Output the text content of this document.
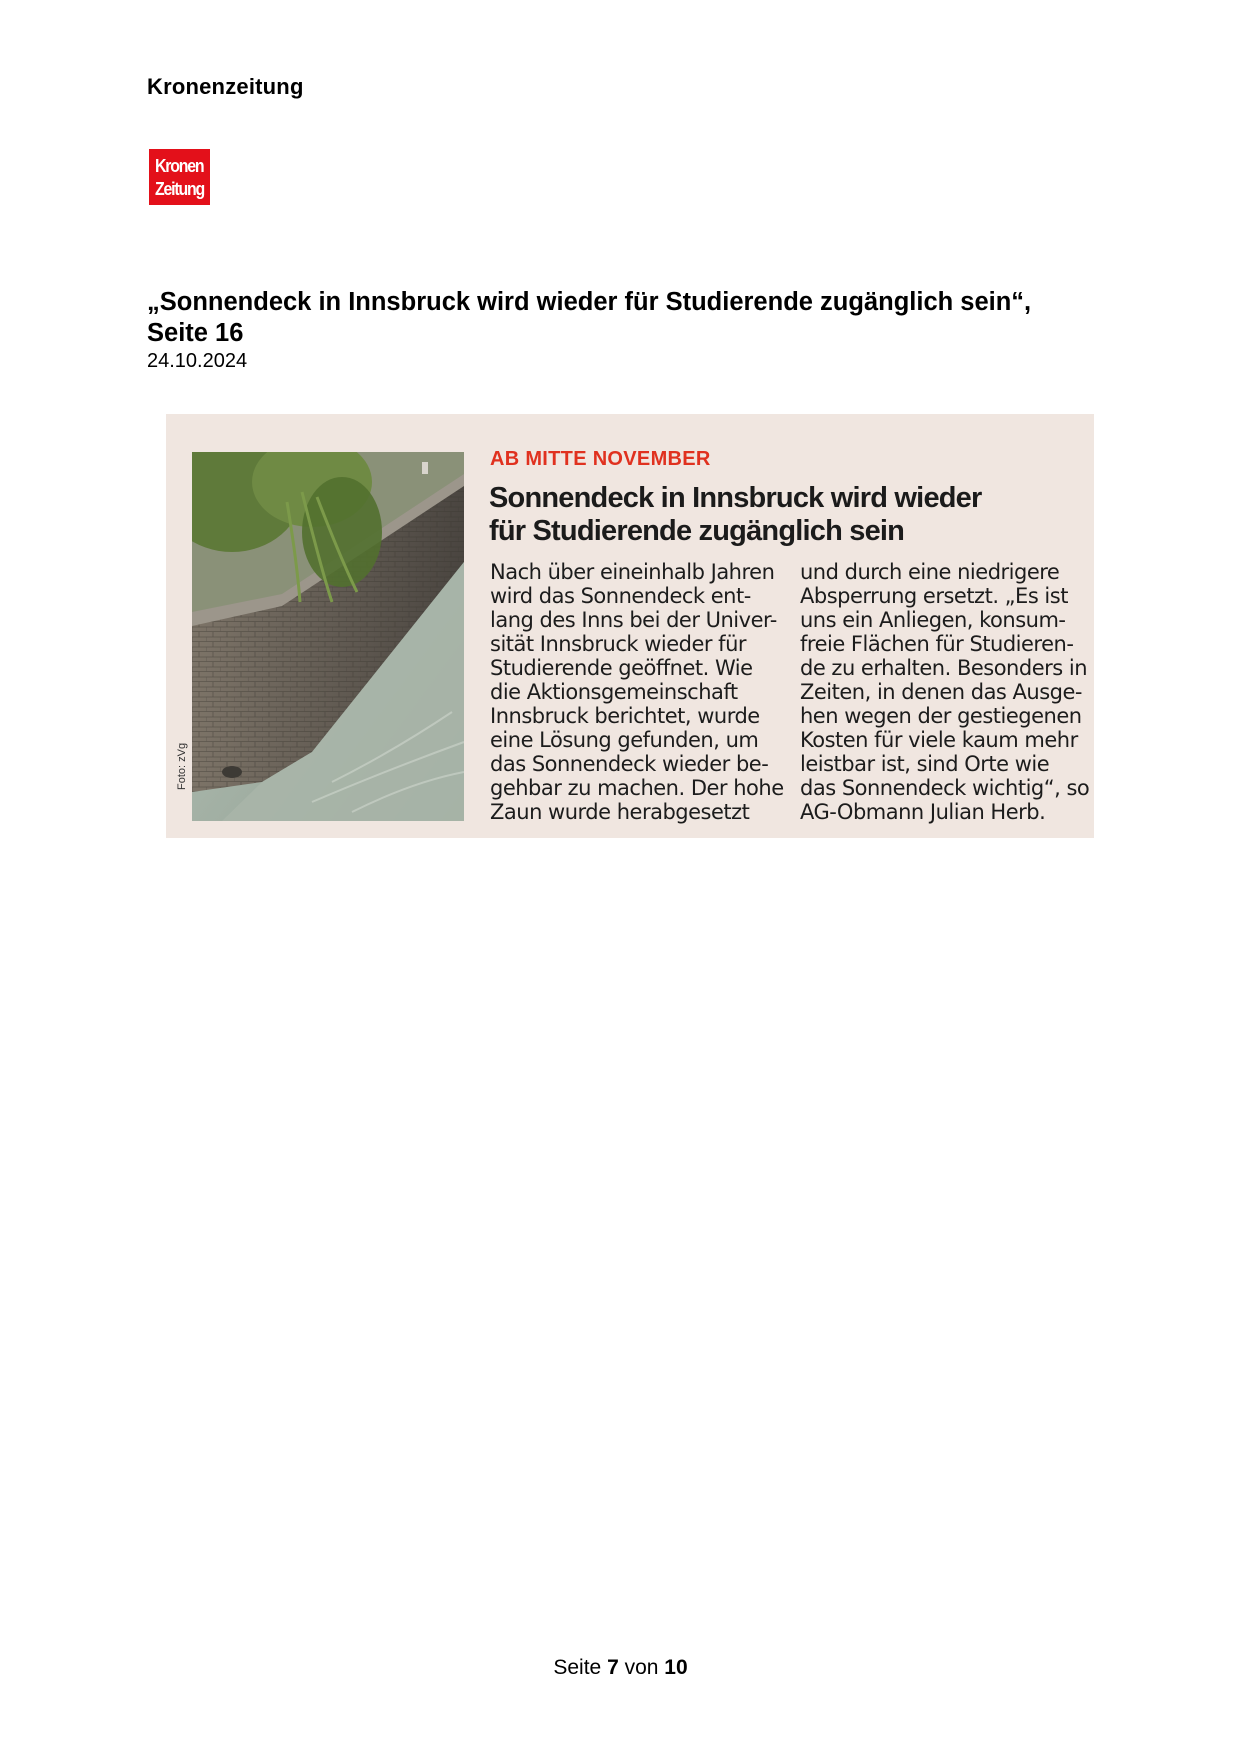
Kronenzeitung
Kronen
Zeitung
„Sonnendeck in Innsbruck wird wieder für Studierende zugänglich sein“,
Seite 16
24.10.2024
Foto: zVg
AB MITTE NOVEMBER
Sonnendeck in Innsbruck wird wieder
für Studierende zugänglich sein
Nach über eineinhalb Jahren
wird das Sonnendeck ent-
lang des Inns bei der Univer-
sität Innsbruck wieder für
Studierende geöffnet. Wie
die Aktionsgemeinschaft
Innsbruck berichtet, wurde
eine Lösung gefunden, um
das Sonnendeck wieder be-
gehbar zu machen. Der hohe
Zaun wurde herabgesetzt
und durch eine niedrigere
Absperrung ersetzt. „Es ist
uns ein Anliegen, konsum-
freie Flächen für Studieren-
de zu erhalten. Besonders in
Zeiten, in denen das Ausge-
hen wegen der gestiegenen
Kosten für viele kaum mehr
leistbar ist, sind Orte wie
das Sonnendeck wichtig“, so
AG-Obmann Julian Herb.
Seite 7 von 10
